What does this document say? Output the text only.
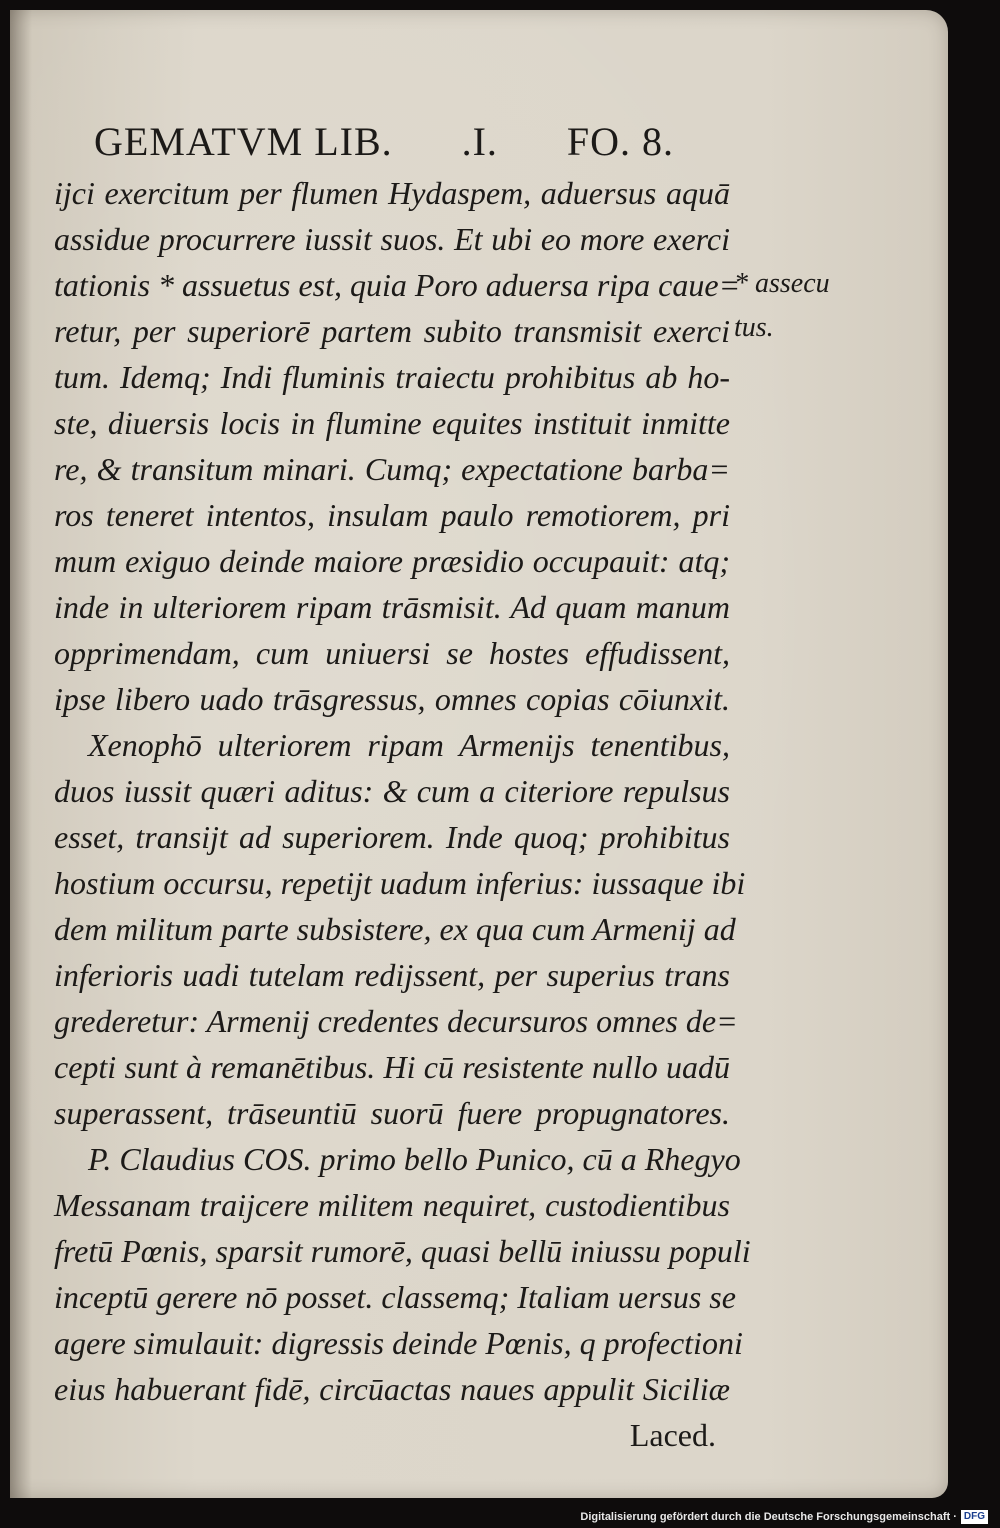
GEMATVM LIB. .I. FO. 8.
ijci exercitum per flumen Hydaspem, aduersus aquā
assidue procurrere iussit suos. Et ubi eo more exerci
tationis * assuetus est, quia Poro aduersa ripa caue=
retur, per superiorē partem subito transmisit exerci
tum. Idemq; Indi fluminis traiectu prohibitus ab ho-
ste, diuersis locis in flumine equites instituit inmitte
re, & transitum minari. Cumq; expectatione barba=
ros teneret intentos, insulam paulo remotiorem, pri
mum exiguo deinde maiore præsidio occupauit: atq;
inde in ulteriorem ripam trāsmisit. Ad quam manum
opprimendam, cum uniuersi se hostes effudissent,
ipse libero uado trāsgressus, omnes copias cōiunxit.
Xenophō ulteriorem ripam Armenijs tenentibus,
duos iussit quæri aditus: & cum a citeriore repulsus
esset, transijt ad superiorem. Inde quoq; prohibitus
hostium occursu, repetijt uadum inferius: iussaque ibi
dem militum parte subsistere, ex qua cum Armenij ad
inferioris uadi tutelam redijssent, per superius trans
grederetur: Armenij credentes decursuros omnes de=
cepti sunt à remanētibus. Hi cū resistente nullo uadū
superassent, trāseuntiū suorū fuere propugnatores.
P. Claudius COS. primo bello Punico, cū a Rhegyo
Messanam traijcere militem nequiret, custodientibus
fretū Pœnis, sparsit rumorē, quasi bellū iniussu populi
inceptū gerere nō posset. classemq; Italiam uersus se
agere simulauit: digressis deinde Pœnis, q profectioni
eius habuerant fidē, circūactas naues appulit Siciliæ
Laced.
* assecu
tus.
Digitalisierung gefördert durch die Deutsche Forschungsgemeinschaft · DFG
